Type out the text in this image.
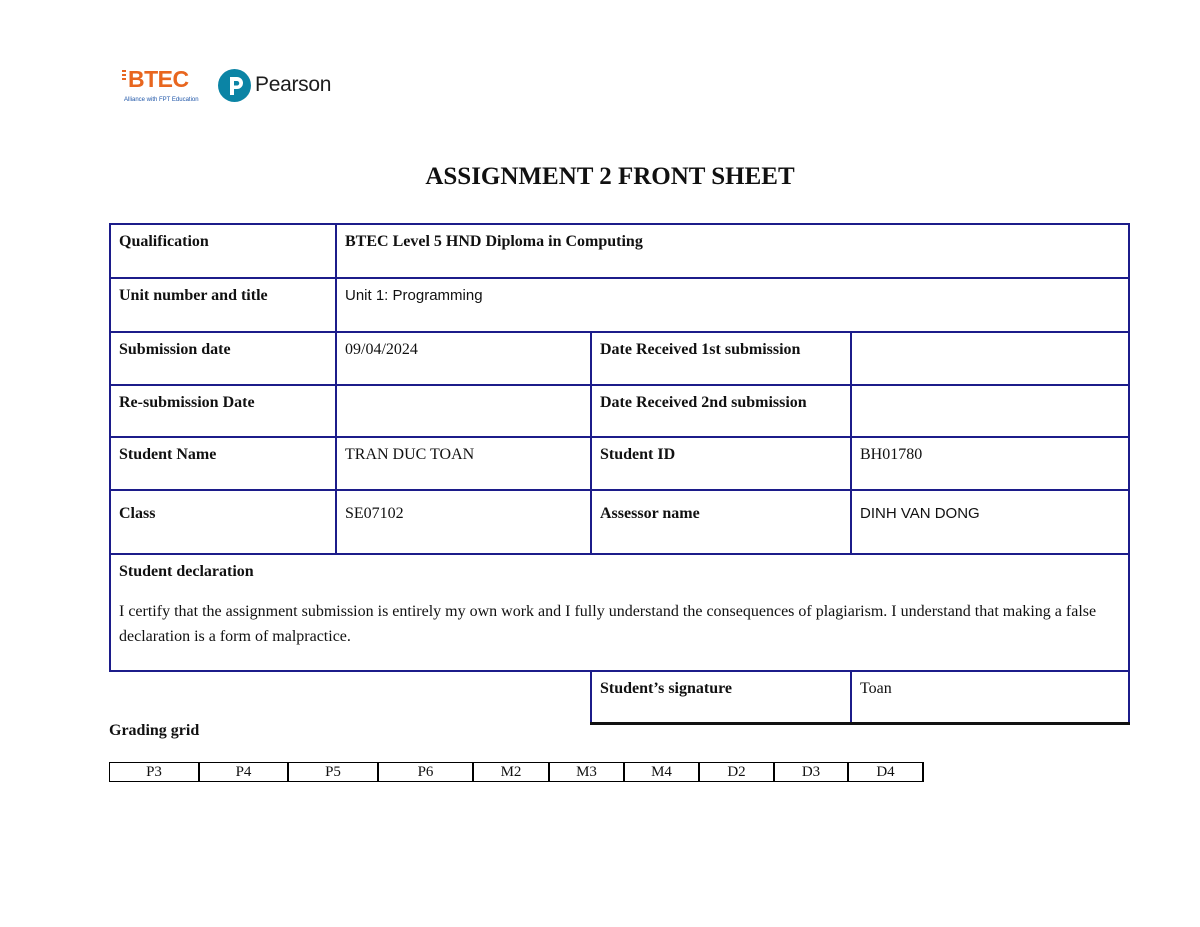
BTEC
Alliance with FPT Education
Pearson
ASSIGNMENT 2 FRONT SHEET
Qualification	BTEC Level 5 HND Diploma in Computing		
Unit number and title	Unit 1: Programming		
Submission date	09/04/2024	Date Received 1st submission	
Re-submission Date		Date Received 2nd submission	
Student Name	TRAN DUC TOAN	Student ID	BH01780
Class	SE07102	Assessor name	DINH VAN DONG

Student declaration
I certify that the assignment submission is entirely my own work and I fully understand the consequences of plagiarism. I understand that making a false declaration is a form of malpractice.			

		Student’s signature	Toan
Grading grid
P3	P4	P5	P6	M2	M3	M4	D2	D3	D4
